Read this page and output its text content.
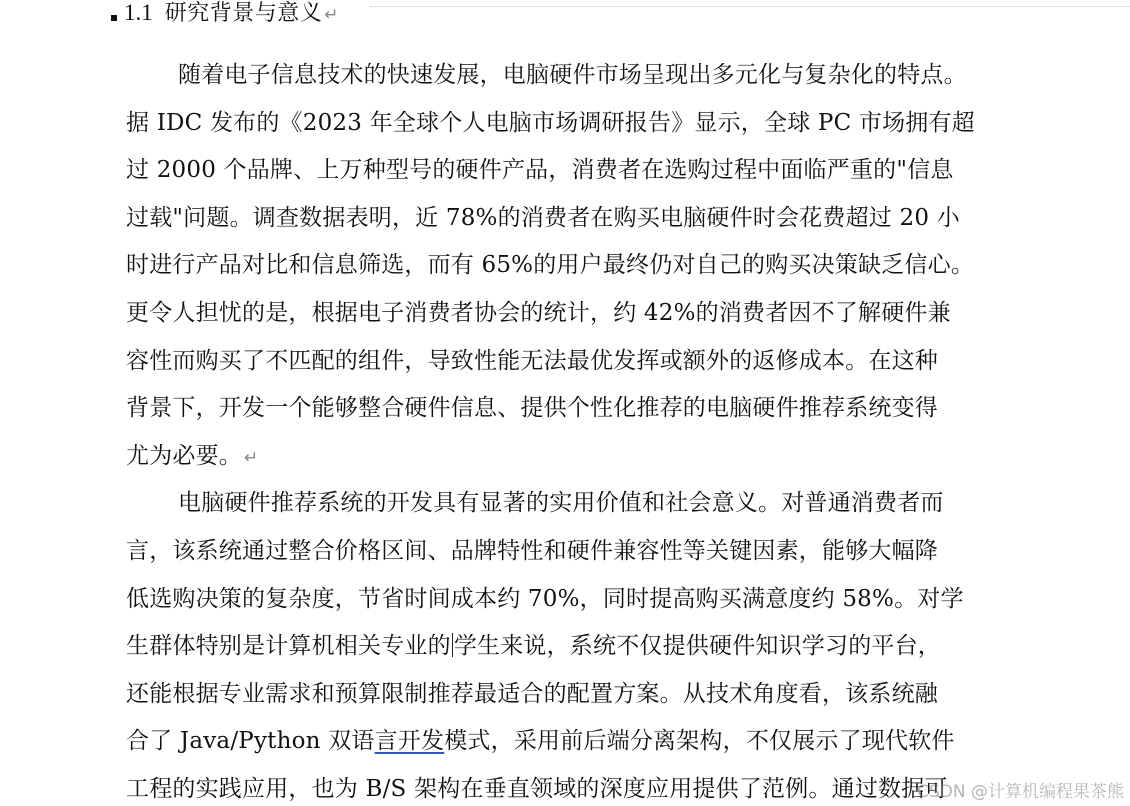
1.1 研究背景与意义 ↵
随着电子信息技术的快速发展，电脑硬件市场呈现出多元化与复杂化的特点。
据 IDC 发布的《2023 年全球个人电脑市场调研报告》显示，全球 PC 市场拥有超
过 2000 个品牌、上万种型号的硬件产品，消费者在选购过程中面临严重的"信息
过载"问题。调查数据表明，近 78%的消费者在购买电脑硬件时会花费超过 20 小
时进行产品对比和信息筛选，而有 65%的用户最终仍对自己的购买决策缺乏信心。
更令人担忧的是，根据电子消费者协会的统计，约 42%的消费者因不了解硬件兼
容性而购买了不匹配的组件，导致性能无法最优发挥或额外的返修成本。在这种
背景下，开发一个能够整合硬件信息、提供个性化推荐的电脑硬件推荐系统变得
尤为必要。 ↵
电脑硬件推荐系统的开发具有显著的实用价值和社会意义。对普通消费者而
言，该系统通过整合价格区间、品牌特性和硬件兼容性等关键因素，能够大幅降
低选购决策的复杂度，节省时间成本约 70%，同时提高购买满意度约 58%。对学
生群体特别是计算机相关专业的 学生来说，系统不仅提供硬件知识学习的平台，
还能根据专业需求和预算限制推荐最适合的配置方案。从技术角度看，该系统融
合了 Java/Python 双语言开发模式，采用前后端分离架构，不仅展示了现代软件
工程的实践应用，也为 B/S 架构在垂直领域的深度应用提供了范例。通过数据可
CSDN @计算机编程果茶熊
